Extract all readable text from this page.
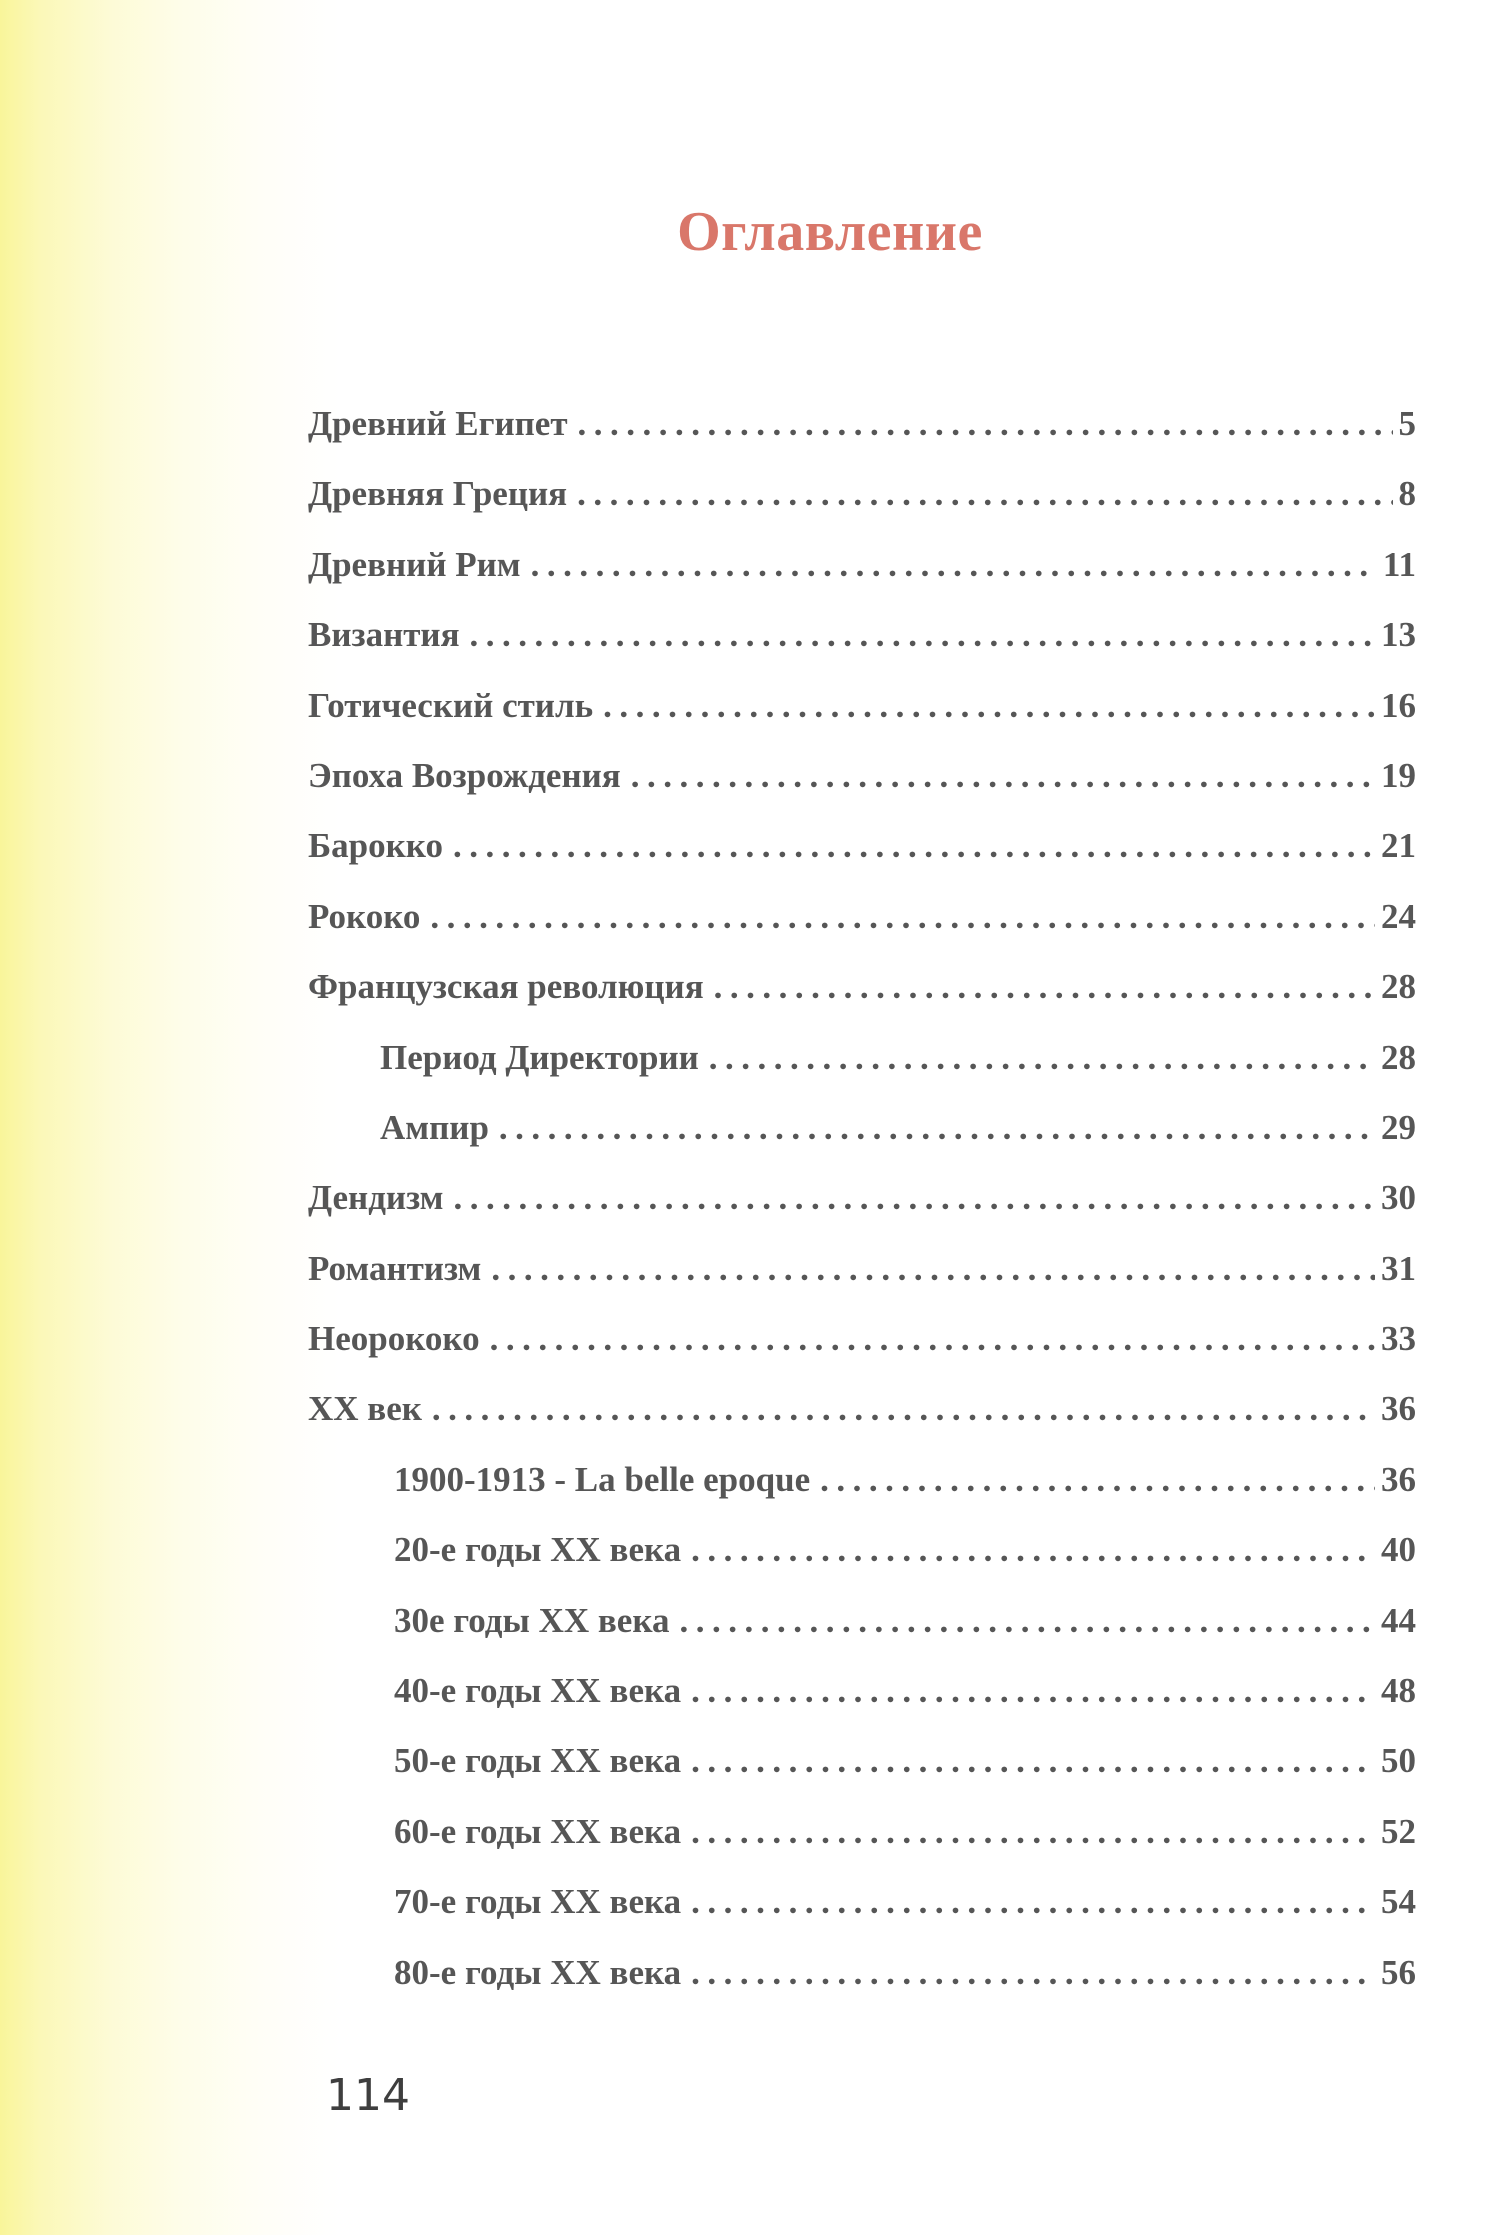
Оглавление
Древний Египет .....	5
Древняя Греция .....	8
Древний Рим .....	11
Византия .....	13
Готический стиль .....	16
Эпоха Возрождения .....	19
Барокко .....	21
Рококо .....	24
Французская революция .....	28
Период Директории .....	28
Ампир .....	29
Дендизм .....	30
Романтизм .....	31
Неорококо .....	33
XX век .....	36
1900-1913 - La belle epoque .....	36
20-е годы XX века .....	40
30е годы XX века .....	44
40-е годы XX века .....	48
50-е годы XX века .....	50
60-е годы XX века .....	52
70-е годы XX века .....	54
80-е годы XX века .....	56

114
